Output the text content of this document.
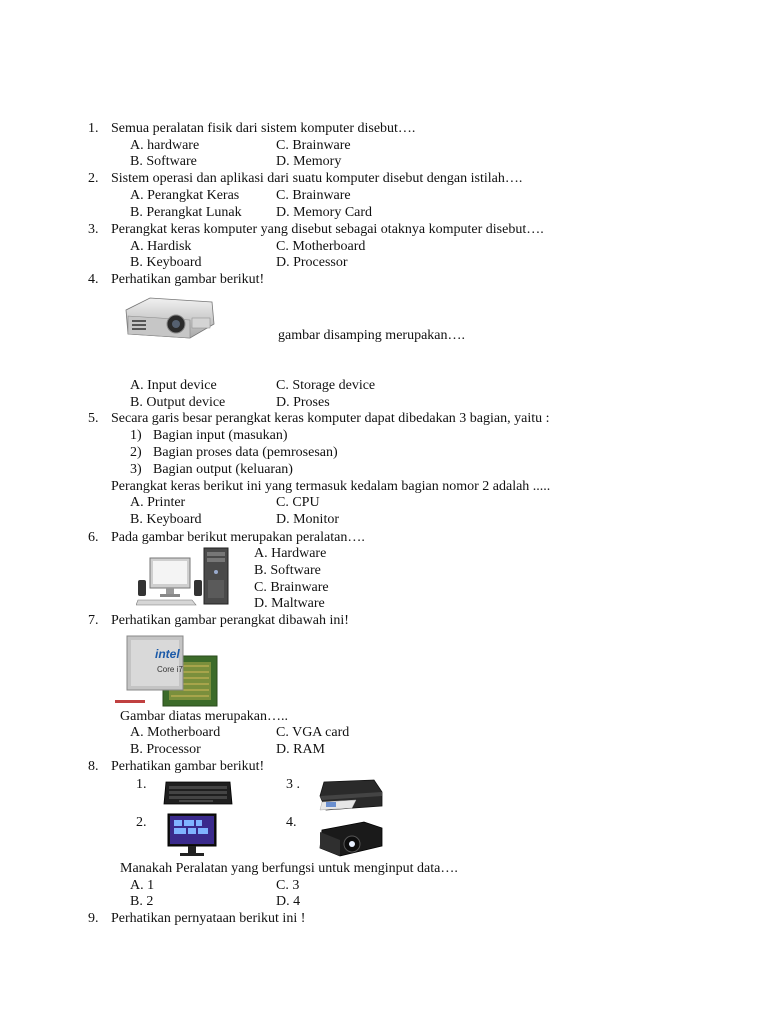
1. Semua peralatan fisik dari sistem komputer disebut….
A. hardware	C. Brainware
B. Software	D. Memory
2. Sistem operasi dan aplikasi dari suatu komputer disebut dengan istilah….
A. Perangkat Keras	C. Brainware
B. Perangkat Lunak D. Memory Card
3. Perangkat keras komputer yang disebut sebagai otaknya komputer disebut….
A. Hardisk	C. Motherboard
B. Keyboard	D. Processor
4. Perhatikan gambar berikut!
gambar disamping merupakan….
A. Input device	C. Storage device
B. Output device	D. Proses
5. Secara garis besar perangkat keras komputer dapat dibedakan 3 bagian, yaitu :
1) Bagian input (masukan)
2) Bagian proses data (pemrosesan)
3) Bagian output (keluaran)
Perangkat keras berikut ini yang termasuk kedalam bagian nomor 2 adalah .....
A. Printer	C. CPU
B. Keyboard	D. Monitor
6. Pada gambar berikut merupakan peralatan….
A. Hardware
B. Software
C. Brainware
D. Maltware
7. Perhatikan gambar perangkat dibawah ini!
intel
Core i7
Gambar diatas merupakan…..
A. Motherboard	C. VGA card
B. Processor	D. RAM
8. Perhatikan gambar berikut!
1.	3 .
2.	4.
Manakah Peralatan yang berfungsi untuk menginput data….
A. 1	C. 3
B. 2	D. 4
9. Perhatikan pernyataan berikut ini !
